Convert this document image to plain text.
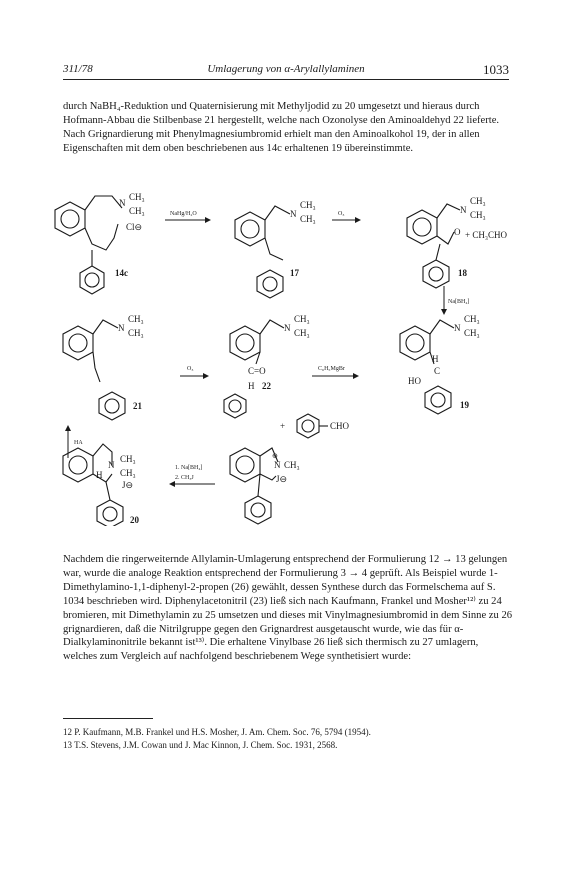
311/78	Umlagerung von α-Arylallylaminen	1033

durch NaBH₄-Reduktion und Quaternisierung mit Methyljodid zu 20 umgesetzt und hieraus durch Hofmann-Abbau die Stilbenbase 21 hergestellt, welche nach Ozonolyse den Aminoaldehyd 22 lieferte. Nach Grignardierung mit Phenylmagnesiumbromid erhielt man den Aminoalkohol 19, der in allen Eigenschaften mit dem oben beschriebenen aus 14c erhaltenen 19 übereinstimmte.

N
CH₃
CH₃
Cl⊖
14c
NaHg/H₂O	N
CH₃
CH₃
17
O₃	N
CH₃
CH₃
O
18
+ CH₃CHO
Na[BH₄]
N
CH₃
CH₃
21
O₃
N
CH₃
CH₃
C=O
H 22
+	CHO
C₆H₅MgBr
N
CH₃
CH₃
H
C
HO
19
HA
N
CH₃
CH₃
H
J⊖
20
1. Na[BH₄]
2. CH₃J
N
⊕
CH₃
J⊖

Nachdem die ringerweiternde Allylamin-Umlagerung entsprechend der Formulierung 12 → 13 gelungen war, wurde die analoge Reaktion entsprechend der Formulierung 3 → 4 geprüft. Als Beispiel wurde 1-Dimethylamino-1,1-diphenyl-2-propen (26) gewählt, dessen Synthese durch das Formelschema auf S. 1034 beschrieben wird. Diphenylacetonitril (23) ließ sich nach Kaufmann, Frankel und Mosher¹²⁾ zu 24 bromieren, mit Dimethylamin zu 25 umsetzen und dieses mit Vinylmagnesiumbromid in dem Sinne zu 26 grignardieren, daß die Nitrilgruppe gegen den Grignardrest ausgetauscht wurde, wie das für α-Dialkylaminonitrile bekannt ist¹³⁾. Die erhaltene Vinylbase 26 ließ sich thermisch zu 27 umlagern, welches zum Vergleich auf nachfolgend beschriebenem Wege synthetisiert wurde:

12 P. Kaufmann, M.B. Frankel und H.S. Mosher, J. Am. Chem. Soc. 76, 5794 (1954).

13 T.S. Stevens, J.M. Cowan und J. Mac Kinnon, J. Chem. Soc. 1931, 2568.
